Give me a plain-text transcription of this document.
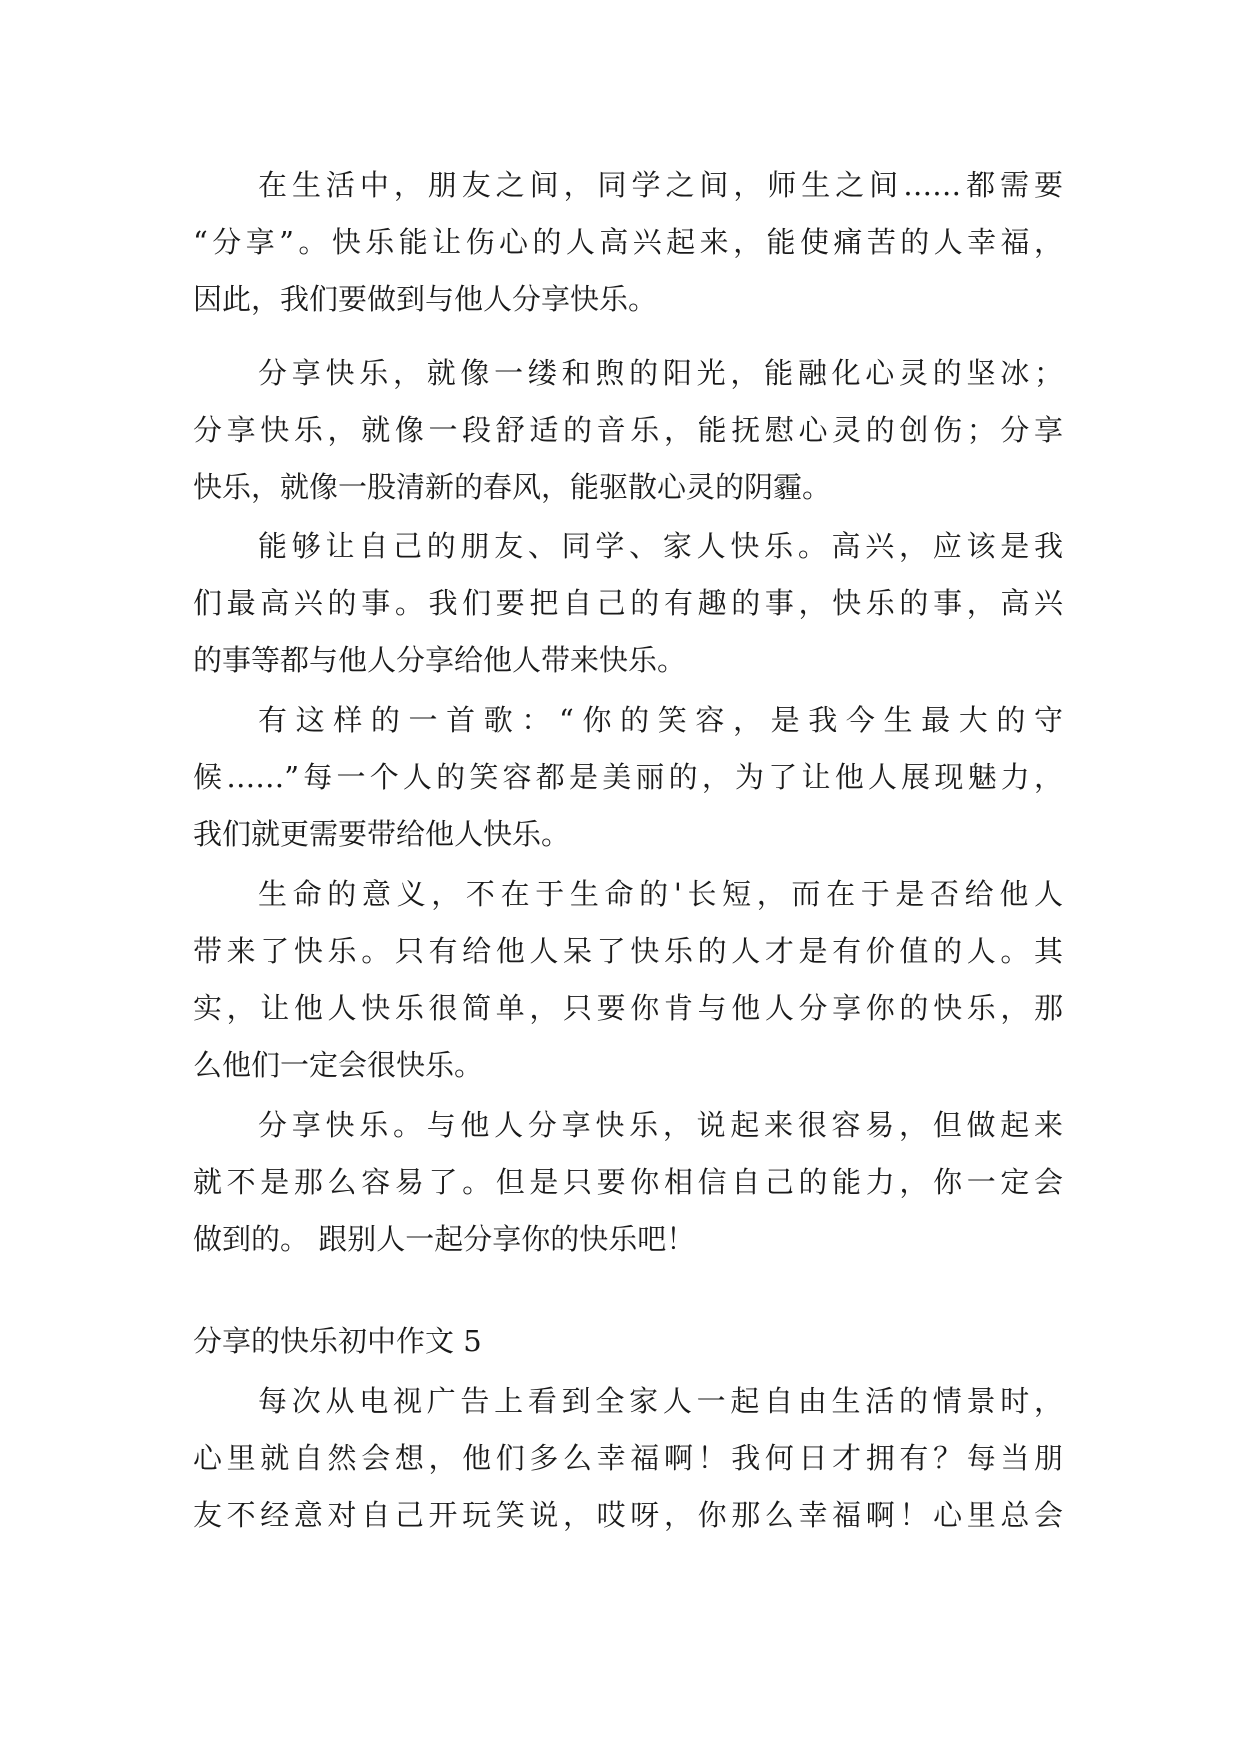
在生活中，朋友之间，同学之间，师生之间……都需要
“分享”。快乐能让伤心的人高兴起来，能使痛苦的人幸福，
因此，我们要做到与他人分享快乐。
分享快乐，就像一缕和煦的阳光，能融化心灵的坚冰；
分享快乐，就像一段舒适的音乐，能抚慰心灵的创伤；分享
快乐，就像一股清新的春风，能驱散心灵的阴霾。
能够让自己的朋友、同学、家人快乐。高兴，应该是我
们最高兴的事。我们要把自己的有趣的事，快乐的事，高兴
的事等都与他人分享给他人带来快乐。
有这样的一首歌：“你的笑容，是我今生最大的守
候……”每一个人的笑容都是美丽的，为了让他人展现魅力，
我们就更需要带给他人快乐。
生命的意义，不在于生命的'长短，而在于是否给他人
带来了快乐。只有给他人呆了快乐的人才是有价值的人。其
实，让他人快乐很简单，只要你肯与他人分享你的快乐，那
么他们一定会很快乐。
分享快乐。与他人分享快乐，说起来很容易，但做起来
就不是那么容易了。但是只要你相信自己的能力，你一定会
做到的。 跟别人一起分享你的快乐吧！
分享的快乐初中作文 5
每次从电视广告上看到全家人一起自由生活的情景时，
心里就自然会想，他们多么幸福啊！我何日才拥有？每当朋
友不经意对自己开玩笑说，哎呀，你那么幸福啊！心里总会
